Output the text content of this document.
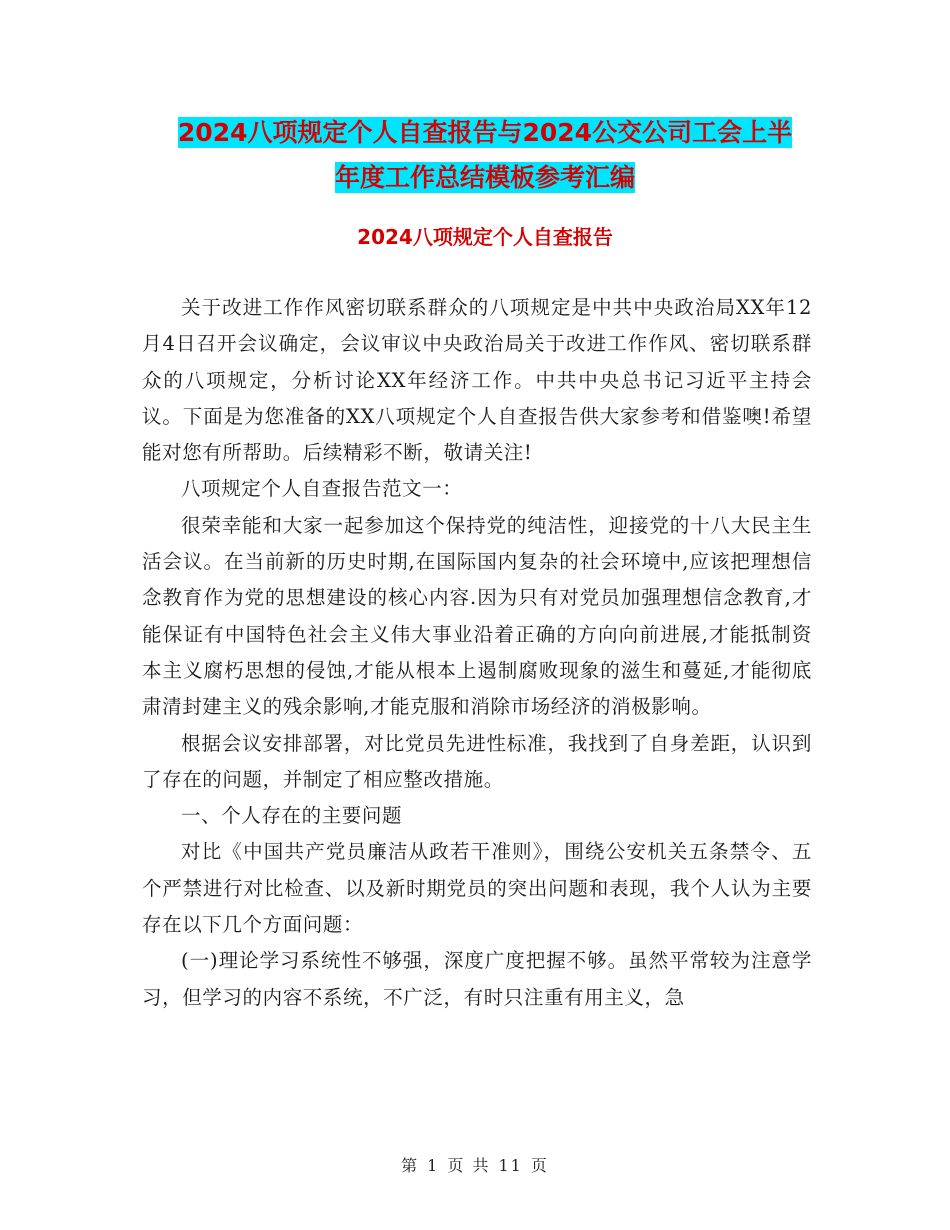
2024八项规定个人自查报告与2024公交公司工会上半
年度工作总结模板参考汇编
2024八项规定个人自查报告

关于改进工作作风密切联系群众的八项规定是中共中央政治局XX年12月4日召开会议确定，会议审议中央政治局关于改进工作作风、密切联系群众的八项规定，分析讨论XX年经济工作。中共中央总书记习近平主持会议。下面是为您准备的XX八项规定个人自查报告供大家参考和借鉴噢!希望能对您有所帮助。后续精彩不断，敬请关注!

八项规定个人自查报告范文一：

很荣幸能和大家一起参加这个保持党的纯洁性，迎接党的十八大民主生活会议。在当前新的历史时期,在国际国内复杂的社会环境中,应该把理想信念教育作为党的思想建设的核心内容.因为只有对党员加强理想信念教育,才能保证有中国特色社会主义伟大事业沿着正确的方向向前进展,才能抵制资本主义腐朽思想的侵蚀,才能从根本上遏制腐败现象的滋生和蔓延,才能彻底肃清封建主义的残余影响,才能克服和消除市场经济的消极影响。

根据会议安排部署，对比党员先进性标准，我找到了自身差距，认识到了存在的问题，并制定了相应整改措施。

一、个人存在的主要问题

对比《中国共产党员廉洁从政若干准则》，围绕公安机关五条禁令、五个严禁进行对比检查、以及新时期党员的突出问题和表现，我个人认为主要存在以下几个方面问题：

(一)理论学习系统性不够强，深度广度把握不够。虽然平常较为注意学习，但学习的内容不系统，不广泛，有时只注重有用主义，急

第 1 页 共 11 页
